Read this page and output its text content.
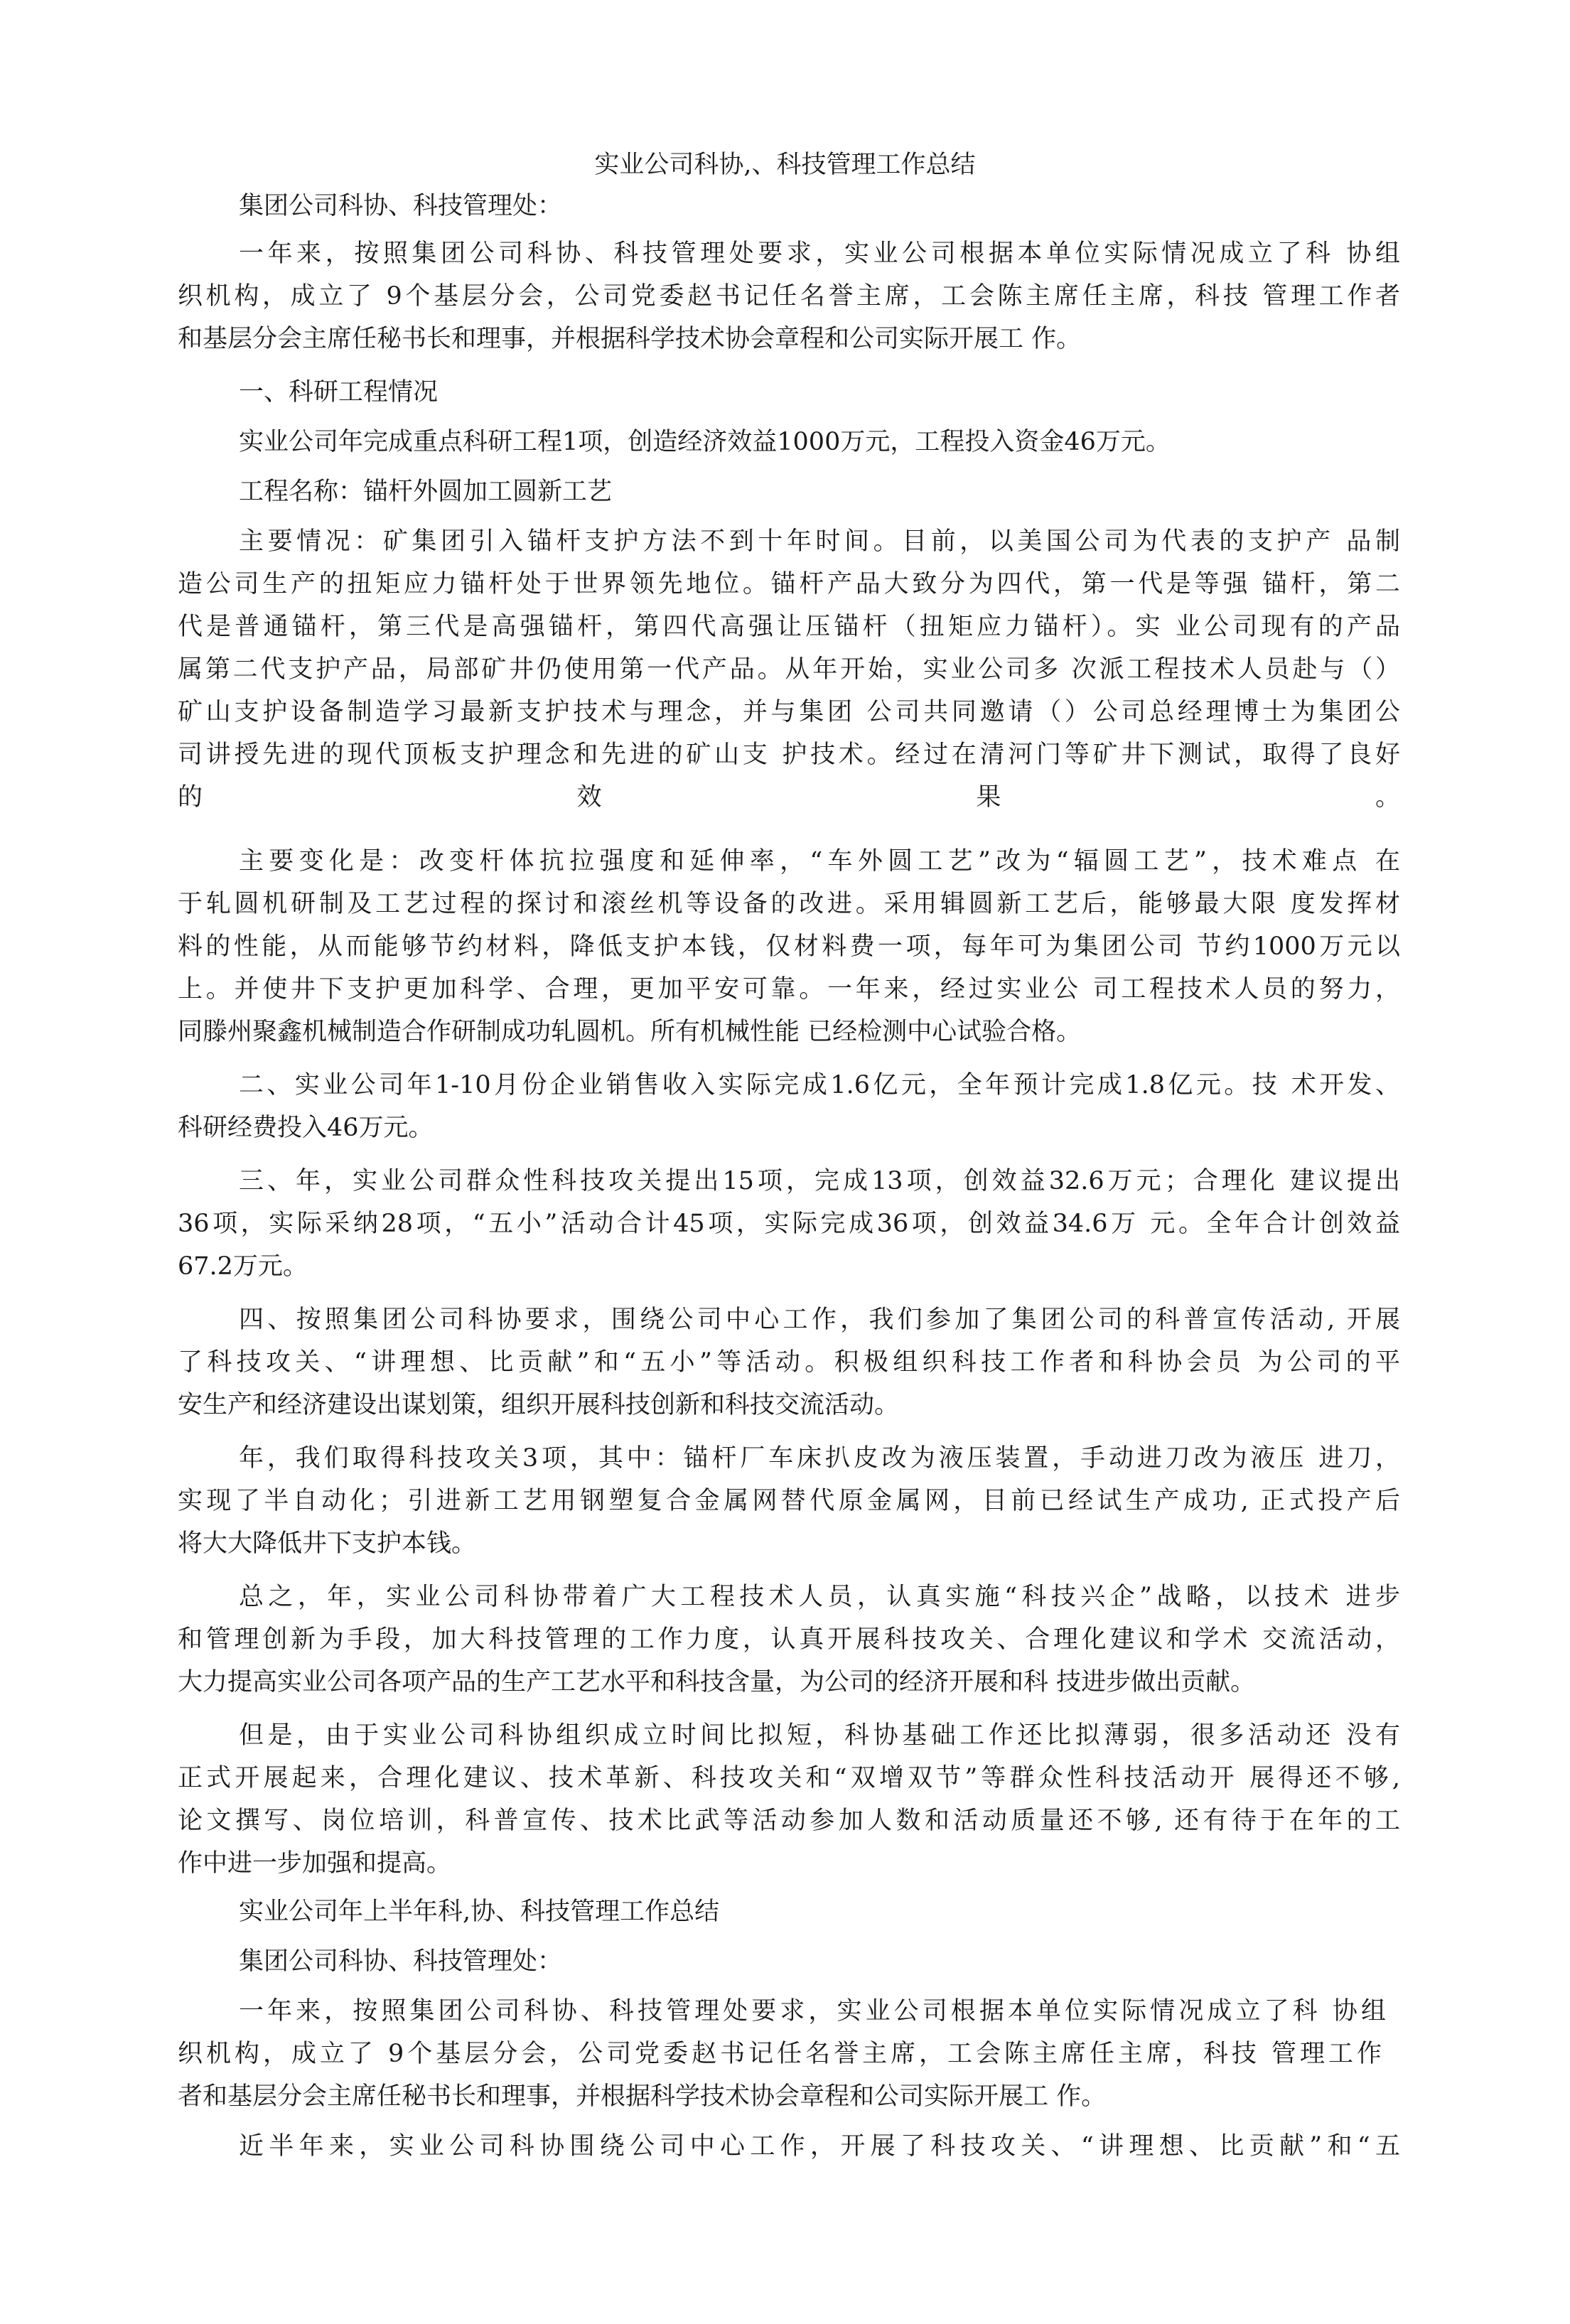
实业公司科协,、科技管理工作总结
集团公司科协、科技管理处：
一年来，按照集团公司科协、科技管理处要求，实业公司根据本单位实际情况成立了科 协组
织机构，成立了 9个基层分会，公司党委赵书记任名誉主席，工会陈主席任主席，科技 管理工作者
和基层分会主席任秘书长和理事，并根据科学技术协会章程和公司实际开展工 作。
一、科研工程情况
实业公司年完成重点科研工程1项，创造经济效益1000万元，工程投入资金46万元。
工程名称：锚杆外圆加工圆新工艺
主要情况：矿集团引入锚杆支护方法不到十年时间。目前，以美国公司为代表的支护产 品制
造公司生产的扭矩应力锚杆处于世界领先地位。锚杆产品大致分为四代，第一代是等强 锚杆，第二
代是普通锚杆，第三代是高强锚杆，第四代高强让压锚杆（扭矩应力锚杆）。实 业公司现有的产品
属第二代支护产品，局部矿井仍使用第一代产品。从年开始，实业公司多 次派工程技术人员赴与（）
矿山支护设备制造学习最新支护技术与理念，并与集团 公司共同邀请（）公司总经理博士为集团公
司讲授先进的现代顶板支护理念和先进的矿山支 护技术。经过在清河门等矿井下测试，取得了良好
的效果。
主要变化是：改变杆体抗拉强度和延伸率，“车外圆工艺”改为“辐圆工艺”，技术难点 在
于轧圆机研制及工艺过程的探讨和滚丝机等设备的改进。采用辑圆新工艺后，能够最大限 度发挥材
料的性能，从而能够节约材料，降低支护本钱，仅材料费一项，每年可为集团公司 节约1000万元以
上。并使井下支护更加科学、合理，更加平安可靠。一年来，经过实业公 司工程技术人员的努力，
同滕州聚鑫机械制造合作研制成功轧圆机。所有机械性能 已经检测中心试验合格。
二、实业公司年1-10月份企业销售收入实际完成1.6亿元，全年预计完成1.8亿元。技 术开发、
科研经费投入46万元。
三、年，实业公司群众性科技攻关提出15项，完成13项，创效益32.6万元；合理化 建议提出
36项，实际采纳28项，“五小”活动合计45项，实际完成36项，创效益34.6万 元。全年合计创效益
67.2万元。
四、按照集团公司科协要求，围绕公司中心工作，我们参加了集团公司的科普宣传活动, 开展
了科技攻关、“讲理想、比贡献”和“五小”等活动。积极组织科技工作者和科协会员 为公司的平
安生产和经济建设出谋划策，组织开展科技创新和科技交流活动。
年，我们取得科技攻关3项，其中：锚杆厂车床扒皮改为液压装置，手动进刀改为液压 进刀，
实现了半自动化；引进新工艺用钢塑复合金属网替代原金属网，目前已经试生产成功, 正式投产后
将大大降低井下支护本钱。
总之，年，实业公司科协带着广大工程技术人员，认真实施“科技兴企”战略，以技术 进步
和管理创新为手段，加大科技管理的工作力度，认真开展科技攻关、合理化建议和学术 交流活动，
大力提高实业公司各项产品的生产工艺水平和科技含量，为公司的经济开展和科 技进步做出贡献。
但是，由于实业公司科协组织成立时间比拟短，科协基础工作还比拟薄弱，很多活动还 没有
正式开展起来，合理化建议、技术革新、科技攻关和“双增双节”等群众性科技活动开 展得还不够,
论文撰写、岗位培训，科普宣传、技术比武等活动参加人数和活动质量还不够, 还有待于在年的工
作中进一步加强和提高。
实业公司年上半年科,协、科技管理工作总结
集团公司科协、科技管理处：
一年来，按照集团公司科协、科技管理处要求，实业公司根据本单位实际情况成立了科 协组
织机构，成立了 9个基层分会，公司党委赵书记任名誉主席，工会陈主席任主席，科技 管理工作
者和基层分会主席任秘书长和理事，并根据科学技术协会章程和公司实际开展工 作。
近半年来，实业公司科协围绕公司中心工作，开展了科技攻关、“讲理想、比贡献”和“五
